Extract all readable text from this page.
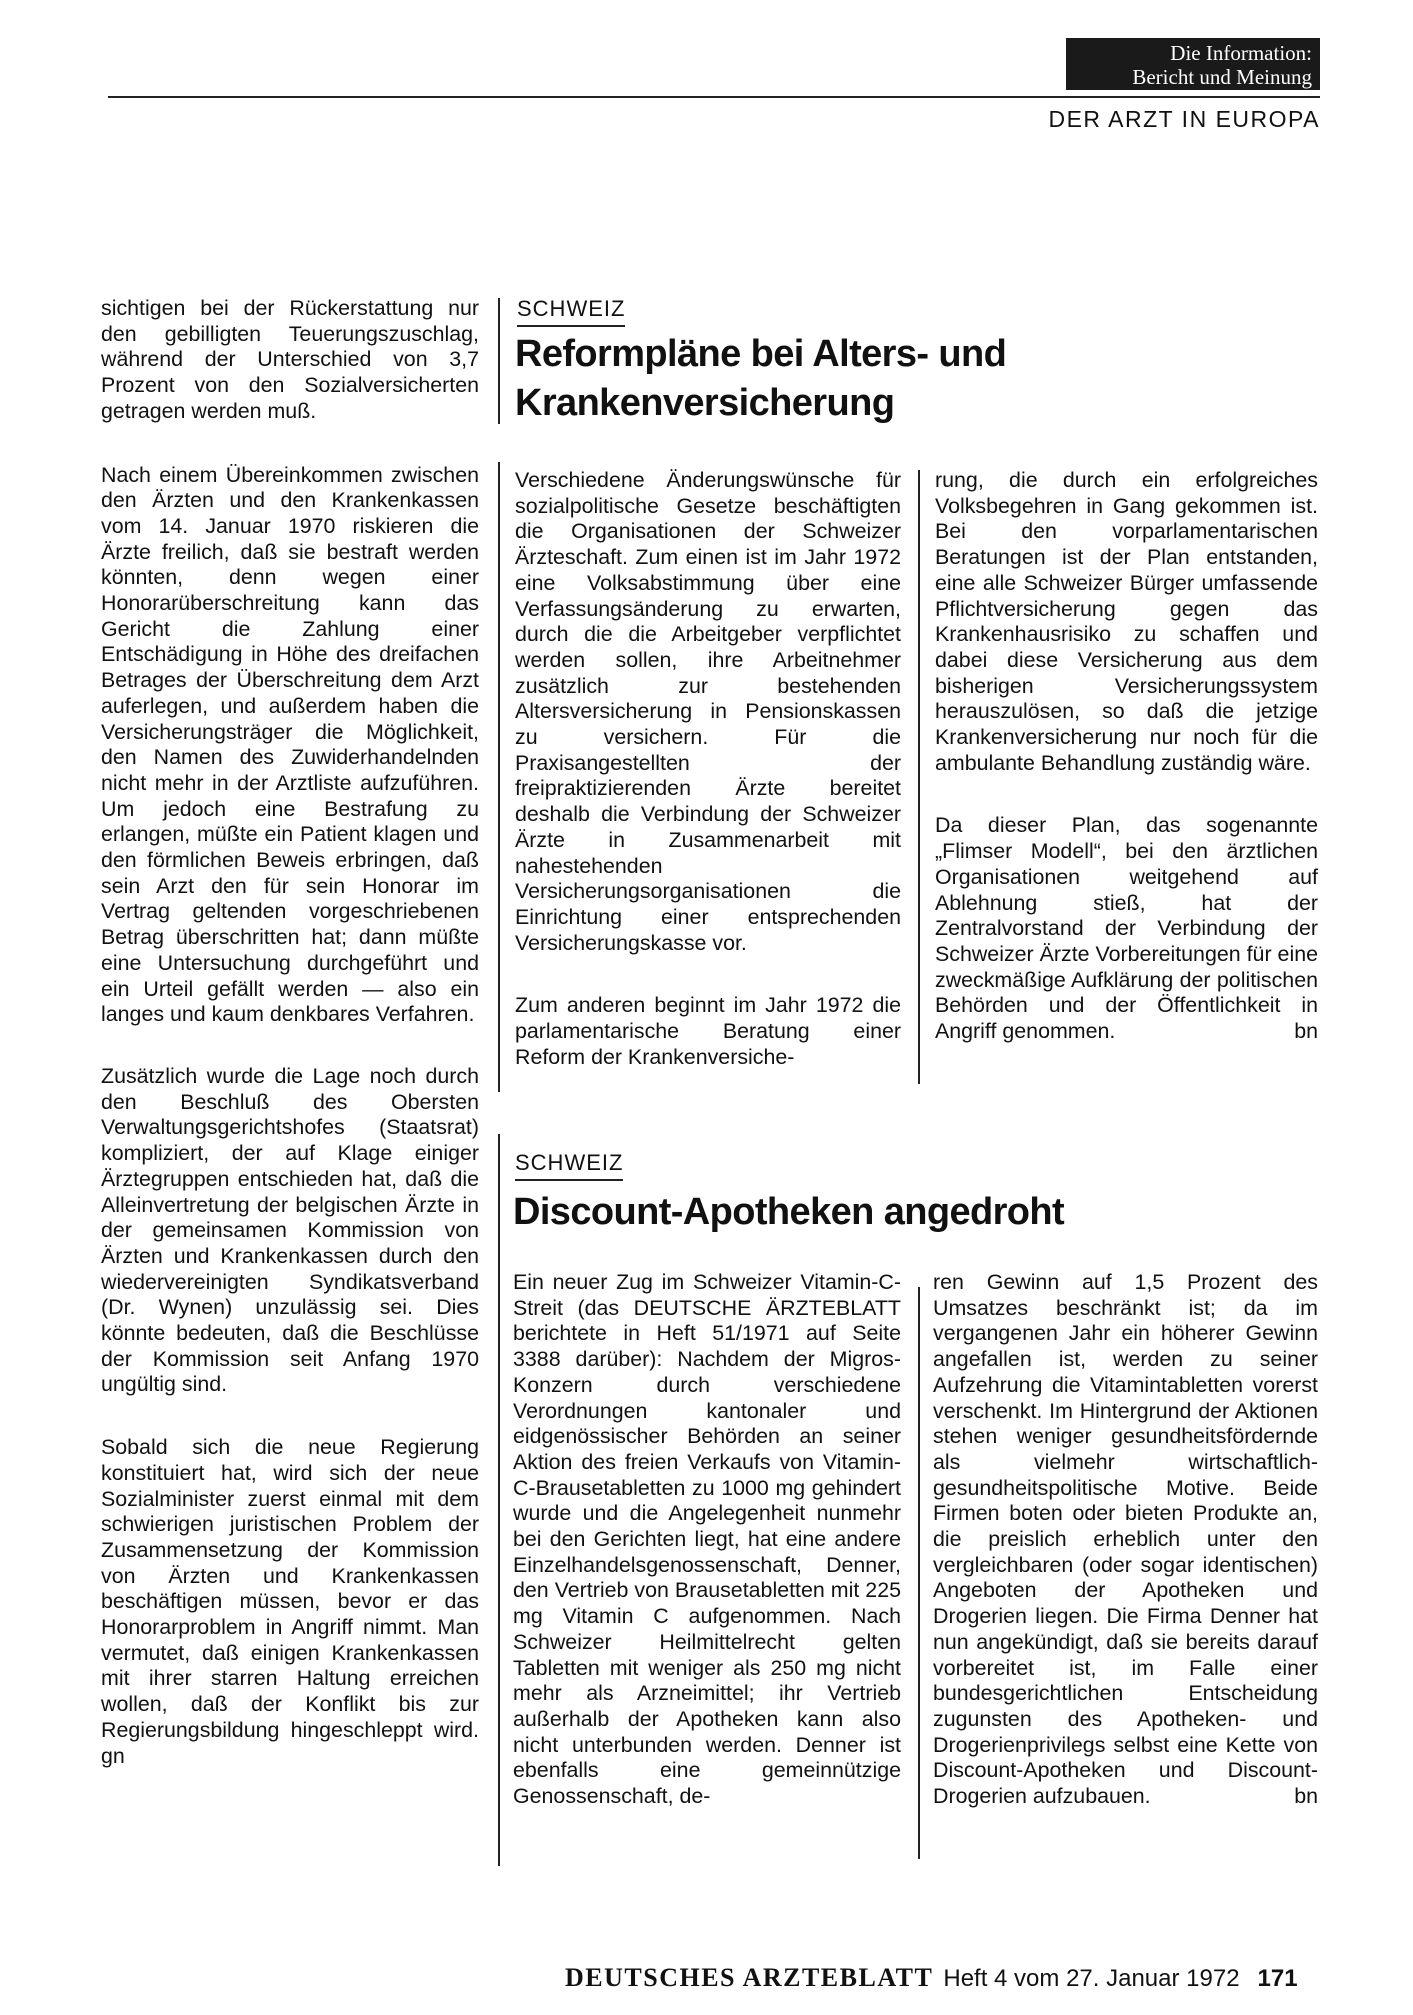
Die Information:
Bericht und Meinung
DER ARZT IN EUROPA

sichtigen bei der Rückerstattung nur den gebilligten Teuerungszuschlag, während der Unterschied von 3,7 Prozent von den Sozialversicherten getragen werden muß.

Nach einem Übereinkommen zwischen den Ärzten und den Krankenkassen vom 14. Januar 1970 riskieren die Ärzte freilich, daß sie bestraft werden könnten, denn wegen einer Honorarüberschreitung kann das Gericht die Zahlung einer Entschädigung in Höhe des dreifachen Betrages der Überschreitung dem Arzt auferlegen, und außerdem haben die Versicherungsträger die Möglichkeit, den Namen des Zuwiderhandelnden nicht mehr in der Arztliste aufzuführen. Um jedoch eine Bestrafung zu erlangen, müßte ein Patient klagen und den förmlichen Beweis erbringen, daß sein Arzt den für sein Honorar im Vertrag geltenden vorgeschriebenen Betrag überschritten hat; dann müßte eine Untersuchung durchgeführt und ein Urteil gefällt werden — also ein langes und kaum denkbares Verfahren.

Zusätzlich wurde die Lage noch durch den Beschluß des Obersten Verwaltungsgerichtshofes (Staatsrat) kompliziert, der auf Klage einiger Ärztegruppen entschieden hat, daß die Alleinvertretung der belgischen Ärzte in der gemeinsamen Kommission von Ärzten und Krankenkassen durch den wiedervereinigten Syndikatsverband (Dr. Wynen) unzulässig sei. Dies könnte bedeuten, daß die Beschlüsse der Kommission seit Anfang 1970 ungültig sind.

Sobald sich die neue Regierung konstituiert hat, wird sich der neue Sozialminister zuerst einmal mit dem schwierigen juristischen Problem der Zusammensetzung der Kommission von Ärzten und Krankenkassen beschäftigen müssen, bevor er das Honorarproblem in Angriff nimmt. Man vermutet, daß einigen Krankenkassen mit ihrer starren Haltung erreichen wollen, daß der Konflikt bis zur Regierungsbildung hingeschleppt wird. gn

SCHWEIZ
Reformpläne bei Alters- und
Krankenversicherung

Verschiedene Änderungswünsche für sozialpolitische Gesetze beschäftigten die Organisationen der Schweizer Ärzteschaft. Zum einen ist im Jahr 1972 eine Volksabstimmung über eine Verfassungsänderung zu erwarten, durch die die Arbeitgeber verpflichtet werden sollen, ihre Arbeitnehmer zusätzlich zur bestehenden Altersversicherung in Pensionskassen zu versichern. Für die Praxisangestellten der freipraktizierenden Ärzte bereitet deshalb die Verbindung der Schweizer Ärzte in Zusammenarbeit mit nahestehenden Versicherungsorganisationen die Einrichtung einer entsprechenden Versicherungskasse vor.

Zum anderen beginnt im Jahr 1972 die parlamentarische Beratung einer Reform der Krankenversiche-

rung, die durch ein erfolgreiches Volksbegehren in Gang gekommen ist. Bei den vorparlamentarischen Beratungen ist der Plan entstanden, eine alle Schweizer Bürger umfassende Pflichtversicherung gegen das Krankenhausrisiko zu schaffen und dabei diese Versicherung aus dem bisherigen Versicherungssystem herauszulösen, so daß die jetzige Krankenversicherung nur noch für die ambulante Behandlung zuständig wäre.

Da dieser Plan, das sogenannte „Flimser Modell“, bei den ärztlichen Organisationen weitgehend auf Ablehnung stieß, hat der Zentralvorstand der Verbindung der Schweizer Ärzte Vorbereitungen für eine zweckmäßige Aufklärung der politischen Behörden und der Öffentlichkeit in Angriff genommen.	bn

SCHWEIZ
Discount-Apotheken angedroht

Ein neuer Zug im Schweizer Vitamin-C-Streit (das DEUTSCHE ÄRZTEBLATT berichtete in Heft 51/1971 auf Seite 3388 darüber): Nachdem der Migros-Konzern durch verschiedene Verordnungen kantonaler und eidgenössischer Behörden an seiner Aktion des freien Verkaufs von Vitamin-C-Brausetabletten zu 1000 mg gehindert wurde und die Angelegenheit nunmehr bei den Gerichten liegt, hat eine andere Einzelhandelsgenossenschaft, Denner, den Vertrieb von Brausetabletten mit 225 mg Vitamin C aufgenommen. Nach Schweizer Heilmittelrecht gelten Tabletten mit weniger als 250 mg nicht mehr als Arzneimittel; ihr Vertrieb außerhalb der Apotheken kann also nicht unterbunden werden. Denner ist ebenfalls eine gemeinnützige Genossenschaft, de-

ren Gewinn auf 1,5 Prozent des Umsatzes beschränkt ist; da im vergangenen Jahr ein höherer Gewinn angefallen ist, werden zu seiner Aufzehrung die Vitamintabletten vorerst verschenkt. Im Hintergrund der Aktionen stehen weniger gesundheitsfördernde als vielmehr wirtschaftlich-gesundheitspolitische Motive. Beide Firmen boten oder bieten Produkte an, die preislich erheblich unter den vergleichbaren (oder sogar identischen) Angeboten der Apotheken und Drogerien liegen. Die Firma Denner hat nun angekündigt, daß sie bereits darauf vorbereitet ist, im Falle einer bundesgerichtlichen Entscheidung zugunsten des Apotheken- und Drogerienprivilegs selbst eine Kette von Discount-Apotheken und Discount-Drogerien aufzubauen.	bn

DEUTSCHES ARZTEBLATT Heft 4 vom 27. Januar 1972 171
